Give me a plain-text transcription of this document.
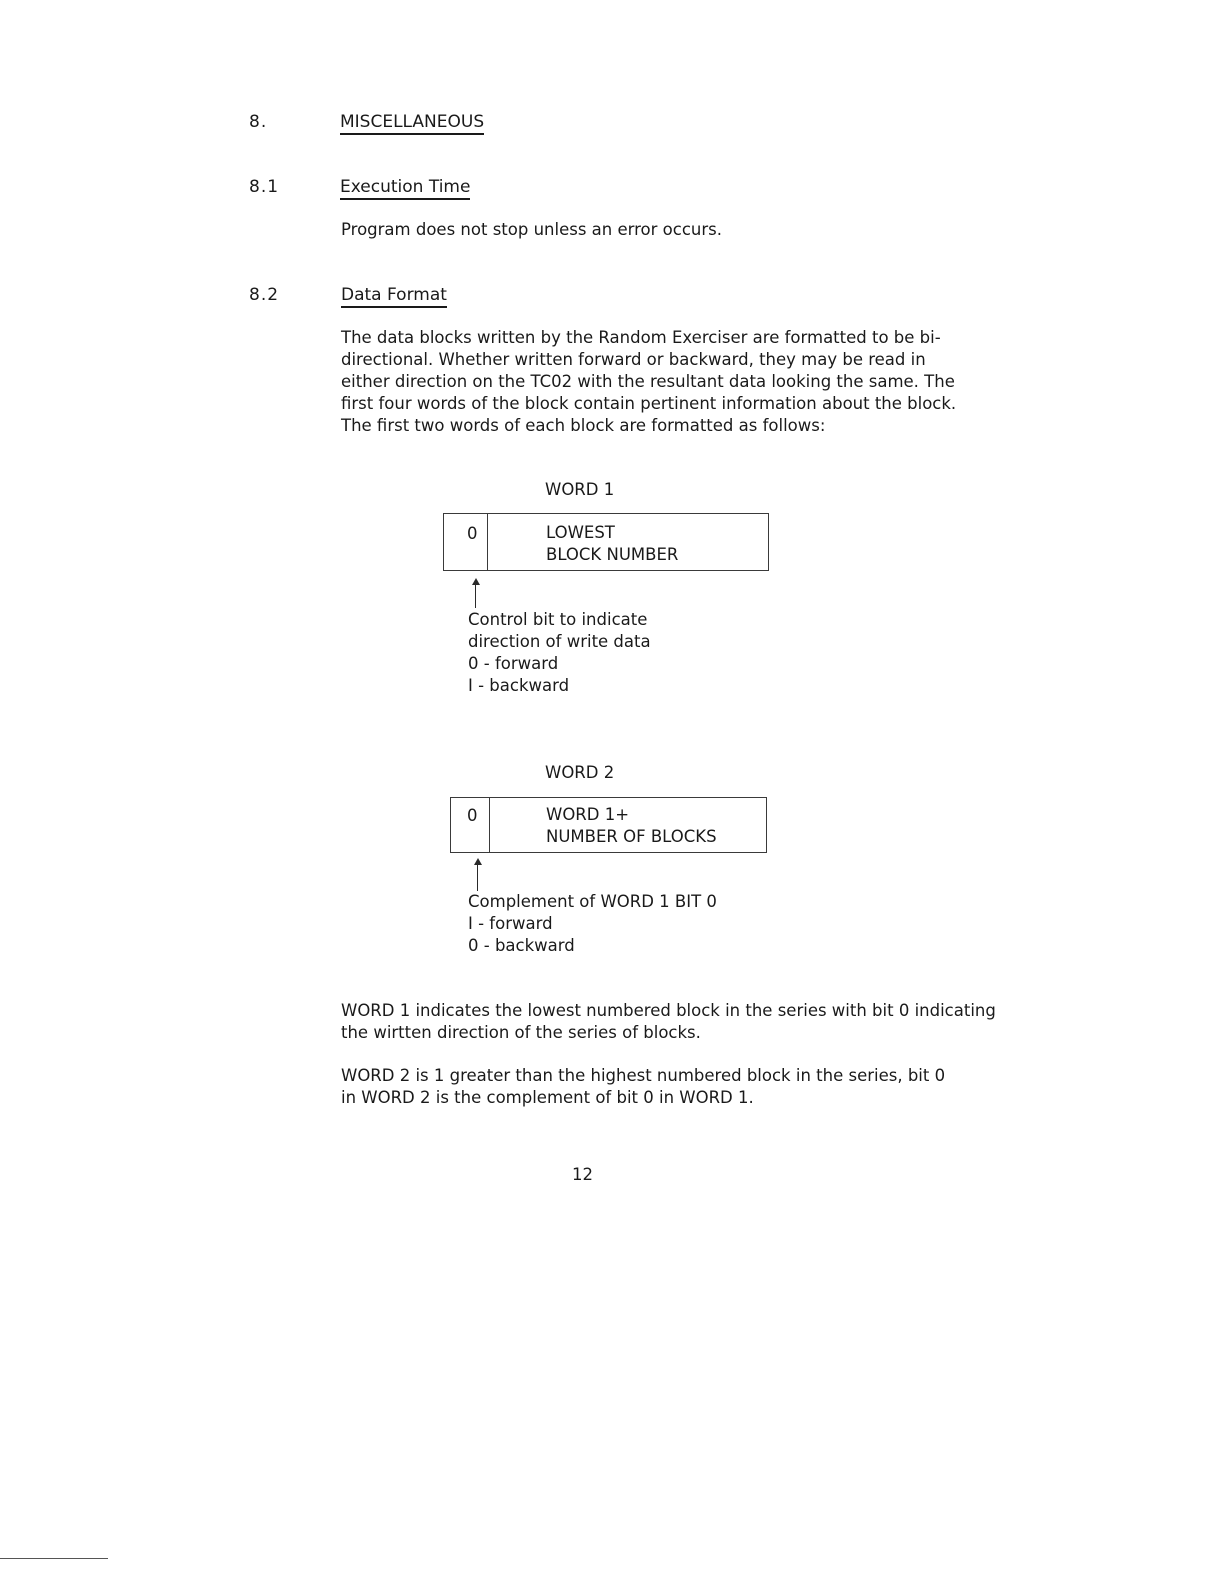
8.	MISCELLANEOUS
8.1	Execution Time
Program does not stop unless an error occurs.
8.2	Data Format
The data blocks written by the Random Exerciser are formatted to be bi-
directional. Whether written forward or backward, they may be read in
either direction on the TC02 with the resultant data looking the same. The
first four words of the block contain pertinent information about the block.
The first two words of each block are formatted as follows:
WORD 1
0	LOWEST
BLOCK NUMBER
Control bit to indicate
direction of write data
0 - forward
I - backward
WORD 2
0	WORD 1+
NUMBER OF BLOCKS
Complement of WORD 1 BIT 0
I - forward
0 - backward
WORD 1 indicates the lowest numbered block in the series with bit 0 indicating
the wirtten direction of the series of blocks.
WORD 2 is 1 greater than the highest numbered block in the series, bit 0
in WORD 2 is the complement of bit 0 in WORD 1.
12
